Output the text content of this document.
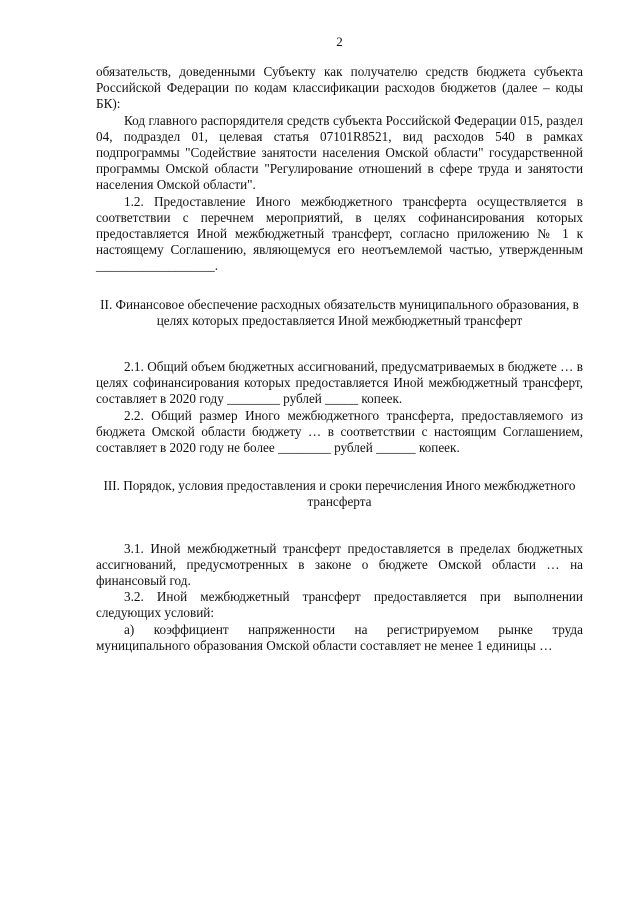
2

обязательств, доведенными Субъекту как получателю средств бюджета субъекта Российской Федерации по кодам классификации расходов бюджетов (далее – коды БК):

Код главного распорядителя средств субъекта Российской Федерации 015, раздел 04, подраздел 01, целевая статья 07101R8521, вид расходов 540 в рамках подпрограммы "Содействие занятости населения Омской области" государственной программы Омской области "Регулирование отношений в сфере труда и занятости населения Омской области".

1.2. Предоставление Иного межбюджетного трансферта осуществляется в соответствии с перечнем мероприятий, в целях софинансирования которых предоставляется Иной межбюджетный трансферт, согласно приложению № 1 к настоящему Соглашению, являющемуся его неотъемлемой частью, утвержденным __________________.

II. Финансовое обеспечение расходных обязательств муниципального образования, в целях которых предоставляется Иной межбюджетный трансферт

2.1. Общий объем бюджетных ассигнований, предусматриваемых в бюджете … в целях софинансирования которых предоставляется Иной межбюджетный трансферт, составляет в 2020 году ________ рублей _____ копеек.

2.2. Общий размер Иного межбюджетного трансферта, предоставляемого из бюджета Омской области бюджету … в соответствии с настоящим Соглашением, составляет в 2020 году не более ________ рублей ______ копеек.

III. Порядок, условия предоставления и сроки перечисления Иного межбюджетного трансферта

3.1. Иной межбюджетный трансферт предоставляется в пределах бюджетных ассигнований, предусмотренных в законе о бюджете Омской области … на финансовый год.

3.2. Иной межбюджетный трансферт предоставляется при выполнении следующих условий:

а) коэффициент напряженности на регистрируемом рынке труда муниципального образования Омской области составляет не менее 1 единицы …
